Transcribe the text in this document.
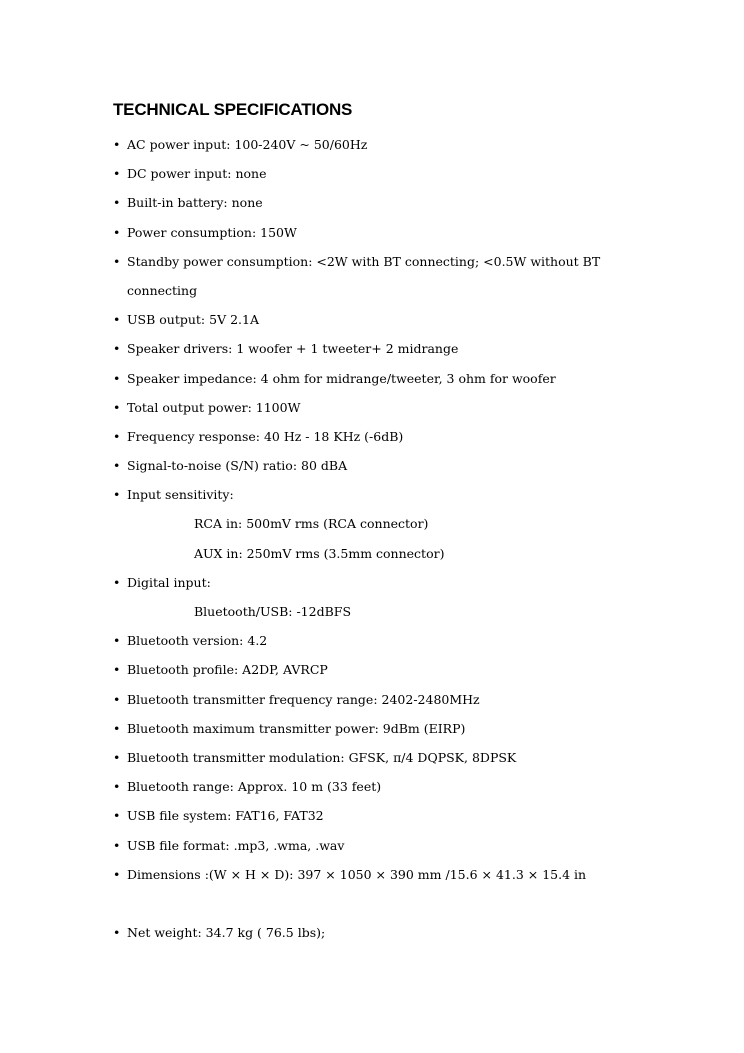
TECHNICAL SPECIFICATIONS
• AC power input: 100-240V ~ 50/60Hz
• DC power input: none
• Built-in battery: none
• Power consumption: 150W
• Standby power consumption: <2W with BT connecting; <0.5W without BT connecting
• USB output: 5V 2.1A
• Speaker drivers: 1 woofer + 1 tweeter+ 2 midrange
• Speaker impedance: 4 ohm for midrange/tweeter, 3 ohm for woofer
• Total output power: 1100W
• Frequency response: 40 Hz - 18 KHz (-6dB)
• Signal-to-noise (S/N) ratio: 80 dBA
• Input sensitivity:
RCA in: 500mV rms (RCA connector)
AUX in: 250mV rms (3.5mm connector)
• Digital input:
Bluetooth/USB: -12dBFS
• Bluetooth version: 4.2
• Bluetooth profile: A2DP, AVRCP
• Bluetooth transmitter frequency range: 2402-2480MHz
• Bluetooth maximum transmitter power: 9dBm (EIRP)
• Bluetooth transmitter modulation: GFSK, π/4 DQPSK, 8DPSK
• Bluetooth range: Approx. 10 m (33 feet)
• USB file system: FAT16, FAT32
• USB file format: .mp3, .wma, .wav
• Dimensions :(W × H × D): 397 × 1050 × 390 mm /15.6 × 41.3 × 15.4 in
• Net weight: 34.7 kg ( 76.5 lbs);
